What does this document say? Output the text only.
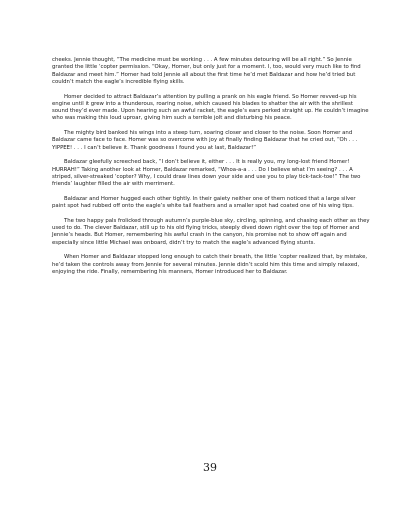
cheeks. Jennie thought, “The medicine must be working . . . A few minutes detouring will be all right.” So Jennie granted the little ‘copter permission. “Okay, Homer, but only just for a moment. I, too, would very much like to find Baldazar and meet him.” Homer had told Jennie all about the first time he’d met Baldazar and how he’d tried but couldn’t match the eagle’s incredible flying skills.

Homer decided to attract Baldazar’s attention by pulling a prank on his eagle friend. So Homer revved-up his engine until it grew into a thunderous, roaring noise, which caused his blades to shatter the air with the shrillest sound they’d ever made. Upon hearing such an awful racket, the eagle’s ears perked straight up. He couldn’t imagine who was making this loud uproar, giving him such a terrible jolt and disturbing his peace.

The mighty bird banked his wings into a steep turn, soaring closer and closer to the noise. Soon Homer and Baldazar came face to face. Homer was so overcome with joy at finally finding Baldazar that he cried out, “Oh . . . YIPPEE! . . . I can’t believe it. Thank goodness I found you at last, Baldazar!”

Baldazar gleefully screeched back, “I don’t believe it, either . . . It is really you, my long-lost friend Homer! HURRAH!” Taking another look at Homer, Baldazar remarked, “Whoa-a-a . . . Do I believe what I’m seeing? . . . A striped, silver-streaked ‘copter? Why, I could draw lines down your side and use you to play tick-tack-toe!” The two friends’ laughter filled the air with merriment.

Baldazar and Homer hugged each other tightly. In their gaiety neither one of them noticed that a large silver paint spot had rubbed off onto the eagle’s white tail feathers and a smaller spot had coated one of his wing tips.

The two happy pals frolicked through autumn’s purple-blue sky, circling, spinning, and chasing each other as they used to do. The clever Baldazar, still up to his old flying tricks, steeply dived down right over the top of Homer and Jennie’s heads. But Homer, remembering his awful crash in the canyon, his promise not to show off again and especially since little Michael was onboard, didn’t try to match the eagle’s advanced flying stunts.

When Homer and Baldazar stopped long enough to catch their breath, the little ‘copter realized that, by mistake, he’d taken the controls away from Jennie for several minutes. Jennie didn’t scold him this time and simply relaxed, enjoying the ride. Finally, remembering his manners, Homer introduced her to Baldazar.

39
